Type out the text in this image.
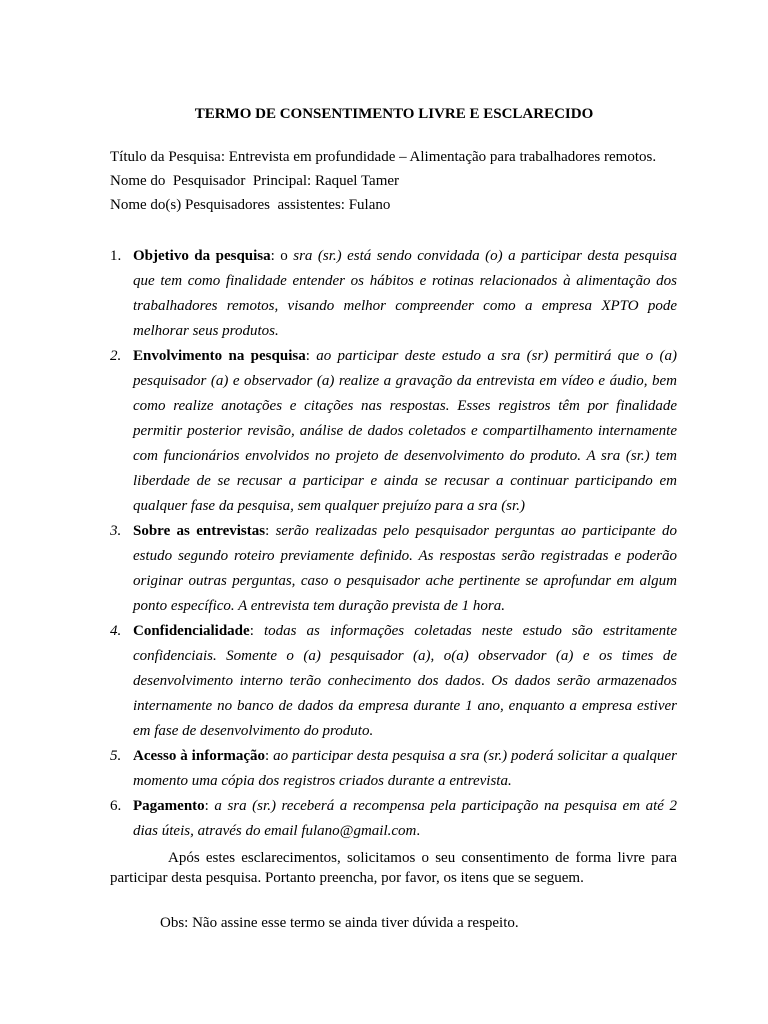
TERMO DE CONSENTIMENTO LIVRE E ESCLARECIDO
Título da Pesquisa: Entrevista em profundidade – Alimentação para trabalhadores remotos.
Nome do  Pesquisador  Principal: Raquel Tamer
Nome do(s) Pesquisadores  assistentes: Fulano
1. Objetivo da pesquisa: o sra (sr.) está sendo convidada (o) a participar desta pesquisa que tem como finalidade entender os hábitos e rotinas relacionados à alimentação dos trabalhadores remotos, visando melhor compreender como a empresa XPTO pode melhorar seus produtos.
2. Envolvimento na pesquisa: ao participar deste estudo a sra (sr) permitirá que o (a) pesquisador (a) e observador (a) realize a gravação da entrevista em vídeo e áudio, bem como realize anotações e citações nas respostas. Esses registros têm por finalidade permitir posterior revisão, análise de dados coletados e compartilhamento internamente com funcionários envolvidos no projeto de desenvolvimento do produto. A sra (sr.) tem liberdade de se recusar a participar e ainda se recusar a continuar participando em qualquer fase da pesquisa, sem qualquer prejuízo para a sra (sr.)
3. Sobre as entrevistas: serão realizadas pelo pesquisador perguntas ao participante do estudo segundo roteiro previamente definido. As respostas serão registradas e poderão originar outras perguntas, caso o pesquisador ache pertinente se aprofundar em algum ponto específico. A entrevista tem duração prevista de 1 hora.
4. Confidencialidade: todas as informações coletadas neste estudo são estritamente confidenciais. Somente o (a) pesquisador (a), o(a) observador (a) e os times de desenvolvimento interno terão conhecimento dos dados. Os dados serão armazenados internamente no banco de dados da empresa durante 1 ano, enquanto a empresa estiver em fase de desenvolvimento do produto.
5. Acesso à informação: ao participar desta pesquisa a sra (sr.) poderá solicitar a qualquer momento uma cópia dos registros criados durante a entrevista.
6. Pagamento: a sra (sr.) receberá a recompensa pela participação na pesquisa em até 2 dias úteis, através do email fulano@gmail.com.
Após estes esclarecimentos, solicitamos o seu consentimento de forma livre para participar desta pesquisa. Portanto preencha, por favor, os itens que se seguem.
Obs: Não assine esse termo se ainda tiver dúvida a respeito.
